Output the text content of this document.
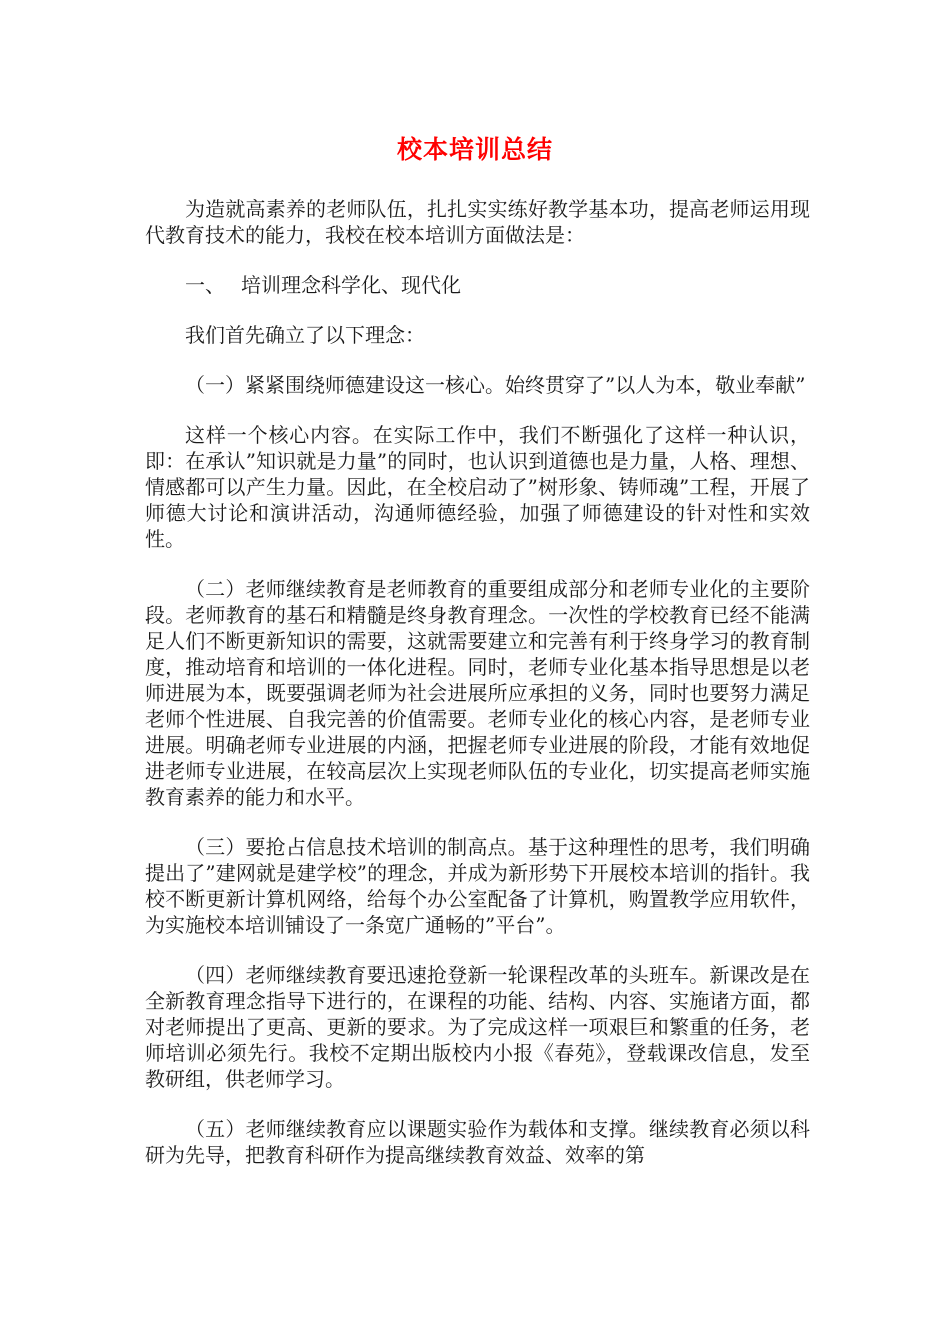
校本培训总结

为造就高素养的老师队伍，扎扎实实练好教学基本功，提高老师运用现代教育技术的能力，我校在校本培训方面做法是：

一、 培训理念科学化、现代化

我们首先确立了以下理念：

（一）紧紧围绕师德建设这一核心。始终贯穿了”以人为本，敬业奉献”

这样一个核心内容。在实际工作中，我们不断强化了这样一种认识，即：在承认”知识就是力量”的同时，也认识到道德也是力量，人格、理想、情感都可以产生力量。因此，在全校启动了”树形象、铸师魂”工程，开展了师德大讨论和演讲活动，沟通师德经验，加强了师德建设的针对性和实效性。

（二）老师继续教育是老师教育的重要组成部分和老师专业化的主要阶段。老师教育的基石和精髓是终身教育理念。一次性的学校教育已经不能满足人们不断更新知识的需要，这就需要建立和完善有利于终身学习的教育制度，推动培育和培训的一体化进程。同时，老师专业化基本指导思想是以老师进展为本，既要强调老师为社会进展所应承担的义务，同时也要努力满足老师个性进展、自我完善的价值需要。老师专业化的核心内容，是老师专业进展。明确老师专业进展的内涵，把握老师专业进展的阶段，才能有效地促进老师专业进展，在较高层次上实现老师队伍的专业化，切实提高老师实施教育素养的能力和水平。

（三）要抢占信息技术培训的制高点。基于这种理性的思考，我们明确提出了”建网就是建学校”的理念，并成为新形势下开展校本培训的指针。我校不断更新计算机网络，给每个办公室配备了计算机，购置教学应用软件，为实施校本培训铺设了一条宽广通畅的”平台”。

（四）老师继续教育要迅速抢登新一轮课程改革的头班车。新课改是在全新教育理念指导下进行的，在课程的功能、结构、内容、实施诸方面，都对老师提出了更高、更新的要求。为了完成这样一项艰巨和繁重的任务，老师培训必须先行。我校不定期出版校内小报《春苑》，登载课改信息，发至教研组，供老师学习。

（五）老师继续教育应以课题实验作为载体和支撑。继续教育必须以科研为先导，把教育科研作为提高继续教育效益、效率的第
